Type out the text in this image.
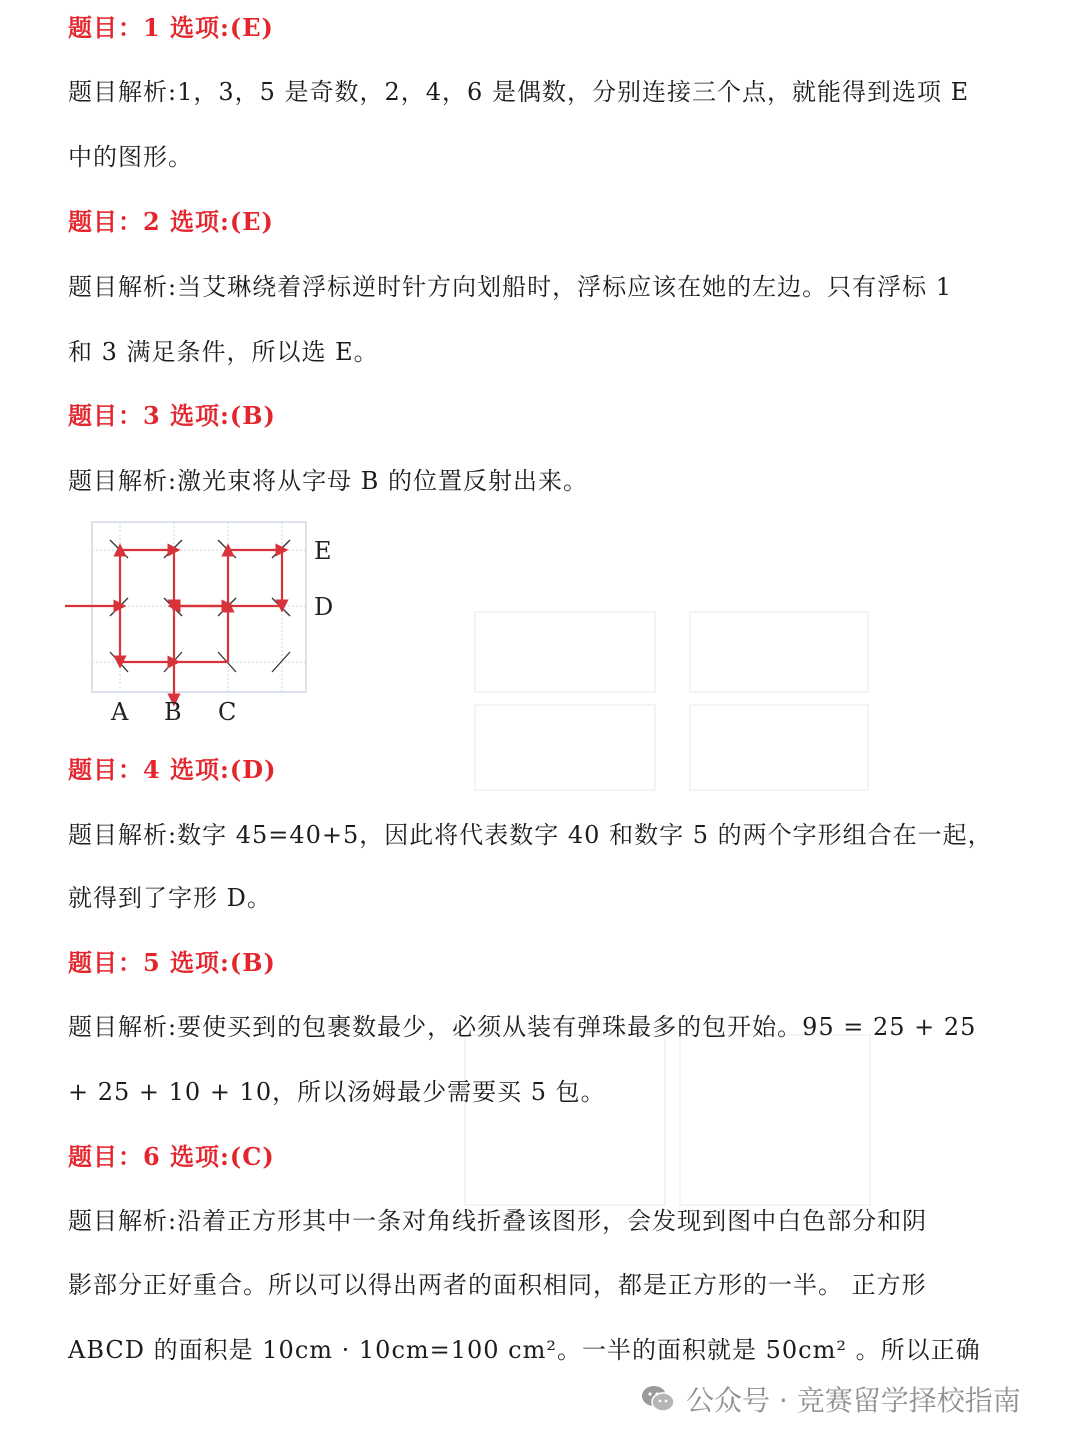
题目：1 选项:(E)
题目解析:1，3，5 是奇数，2，4，6 是偶数，分别连接三个点，就能得到选项 E
中的图形。
题目：2 选项:(E)
题目解析:当艾琳绕着浮标逆时针方向划船时，浮标应该在她的左边。只有浮标 1
和 3 满足条件，所以选 E。
题目：3 选项:(B)
题目解析:激光束将从字母 B 的位置反射出来。
E
D
A B C
题目：4 选项:(D)
题目解析:数字 45=40+5，因此将代表数字 40 和数字 5 的两个字形组合在一起，
就得到了字形 D。
题目：5 选项:(B)
题目解析:要使买到的包裹数最少，必须从装有弹珠最多的包开始。95 = 25 + 25
+ 25 + 10 + 10，所以汤姆最少需要买 5 包。
题目：6 选项:(C)
题目解析:沿着正方形其中一条对角线折叠该图形，会发现到图中白色部分和阴
影部分正好重合。所以可以得出两者的面积相同，都是正方形的一半。 正方形
ABCD 的面积是 10cm · 10cm=100 cm²。一半的面积就是 50cm² 。所以正确
公众号 · 竞赛留学择校指南
